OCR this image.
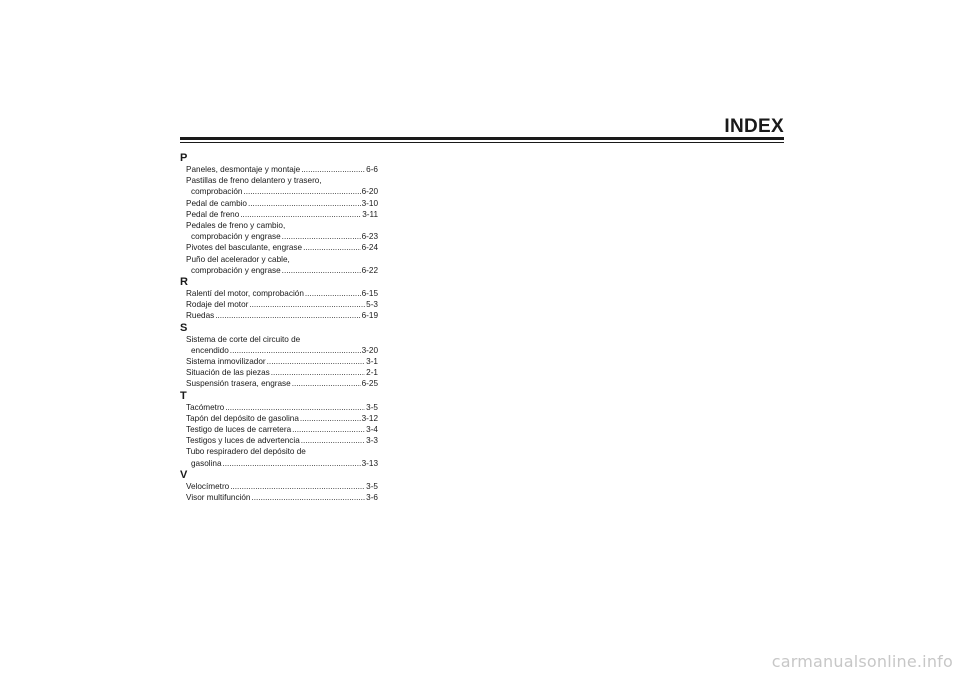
INDEX
P
Paneles, desmontaje y montaje .....	6-6
Pastillas de freno delantero y trasero,
comprobación .....	6-20
Pedal de cambio .....	3-10
Pedal de freno .....	3-11
Pedales de freno y cambio,
comprobación y engrase .....	6-23
Pivotes del basculante, engrase .....	6-24
Puño del acelerador y cable,
comprobación y engrase .....	6-22
R
Ralentí del motor, comprobación .....	6-15
Rodaje del motor .....	5-3
Ruedas .....	6-19
S
Sistema de corte del circuito de
encendido .....	3-20
Sistema inmovilizador .....	3-1
Situación de las piezas .....	2-1
Suspensión trasera, engrase .....	6-25
T
Tacómetro .....	3-5
Tapón del depósito de gasolina .....	3-12
Testigo de luces de carretera .....	3-4
Testigos y luces de advertencia .....	3-3
Tubo respiradero del depósito de
gasolina .....	3-13
V
Velocímetro .....	3-5
Visor multifunción .....	3-6
carmanualsonline.info
